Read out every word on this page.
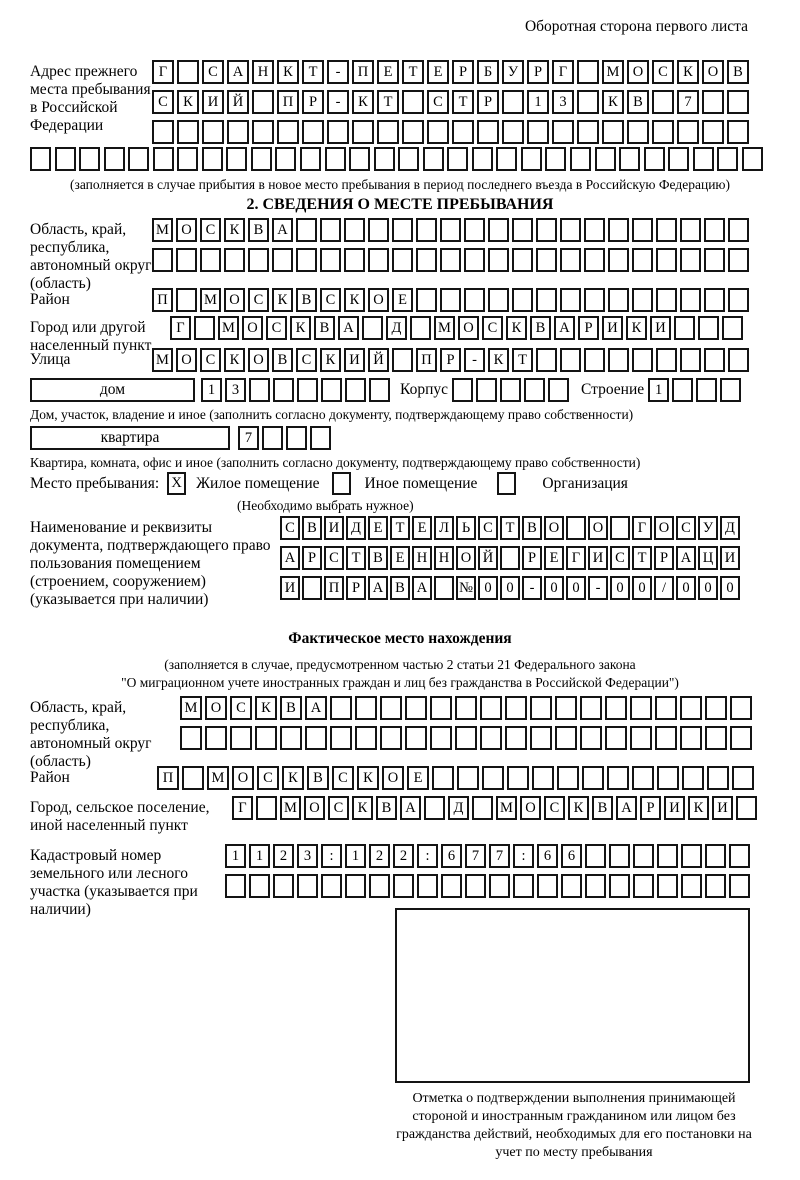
Оборотная сторона первого листа
Адрес прежнего места пребывания в Российской Федерации
Г	С	А	Н	К	Т	-	П	Е	Т	Е	Р	Б	У	Р	Г	М О	С	К	О	В
С	К	И	Й	П	Р	-	К	Т	С	Т	Р	1	3	К	В	7
(заполняется в случае прибытия в новое место пребывания в период последнего въезда в Российскую Федерацию)
2. СВЕДЕНИЯ О МЕСТЕ ПРЕБЫВАНИЯ
Область, край, республика, автономный округ (область)
М О С К В А
Район	П	М О С К В С К О Е
Город или другой населенный пункт
Г	М О С К В А	Д	М О С К В А	Р	И К И
Улица	М О С К О В С К И Й	П	Р	-	К	Т
дом	1	3	Корпус	Строение 1
Дом, участок, владение и иное (заполнить согласно документу, подтверждающему право собственности)
квартира	7
Квартира, комната, офис и иное (заполнить согласно документу, подтверждающему право собственности)
Место пребывания: X Жилое помещение	Иное помещение	Организация
(Необходимо выбрать нужное)
Наименование и реквизиты документа, подтверждающего право пользования помещением (строением, сооружением) (указывается при наличии)
С В И Д Е Т Е Л Ь С Т В О	О	Г О С У Д
А Р С Т В Е Н Н О Й	Р Е Г И С Т Р А Ц И
И	П Р А В А	№ 0	0	-	0	0	-	0	0	/	0	0	0
Фактическое место нахождения
(заполняется в случае, предусмотренном частью 2 статьи 21 Федерального закона
"О миграционном учете иностранных граждан и лиц без гражданства в Российской Федерации")
Область, край, республика, автономный округ (область)
М О	С	К	В	А
Район	П	М О	С	К	В	С	К	О	Е
Город, сельское поселение, иной населенный пункт
Г	М О С К В А	Д	М О С К В А	Р	И К И
Кадастровый номер земельного или лесного участка (указывается при наличии)
1	1	2	3	:	1	2	2	:	6	7	7	:	6	6
Отметка о подтверждении выполнения принимающей стороной и иностранным гражданином или лицом без гражданства действий, необходимых для его постановки на учет по месту пребывания
